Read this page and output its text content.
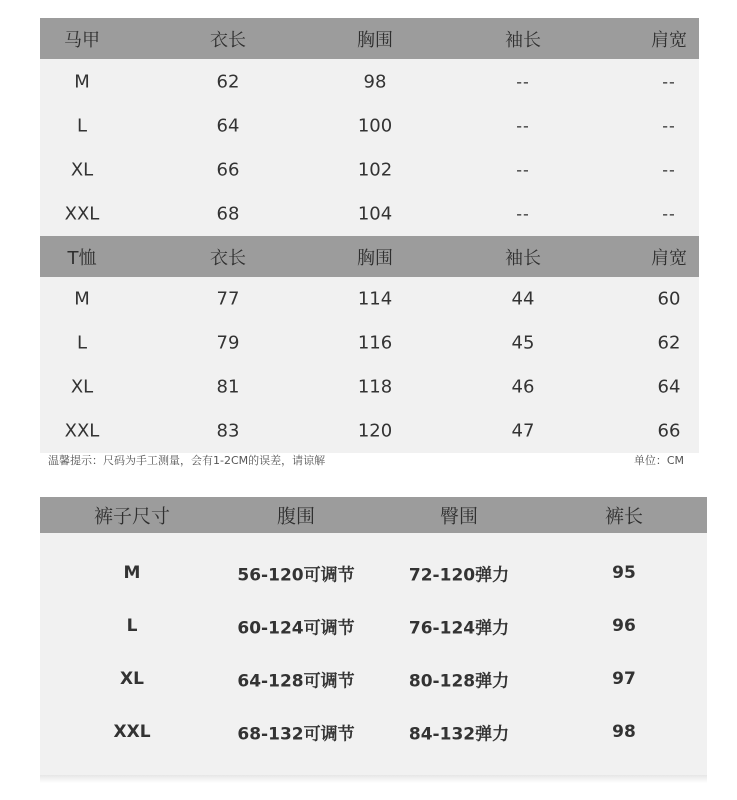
马甲	衣长	胸围	袖长	肩宽
M	62	98	--	--
L	64	100	--	--
XL	66	102	--	--
XXL	68	104	--	--
T恤	衣长	胸围	袖长	肩宽
M	77	114	44	60
L	79	116	45	62
XL	81	118	46	64
XXL	83	120	47	66
温馨提示：尺码为手工测量，会有1-2CM的误差，请谅解	单位：CM
裤子尺寸	腹围	臀围	裤长
M	56-120可调节	72-120弹力	95
L	60-124可调节	76-124弹力	96
XL	64-128可调节	80-128弹力	97
XXL	68-132可调节	84-132弹力	98
